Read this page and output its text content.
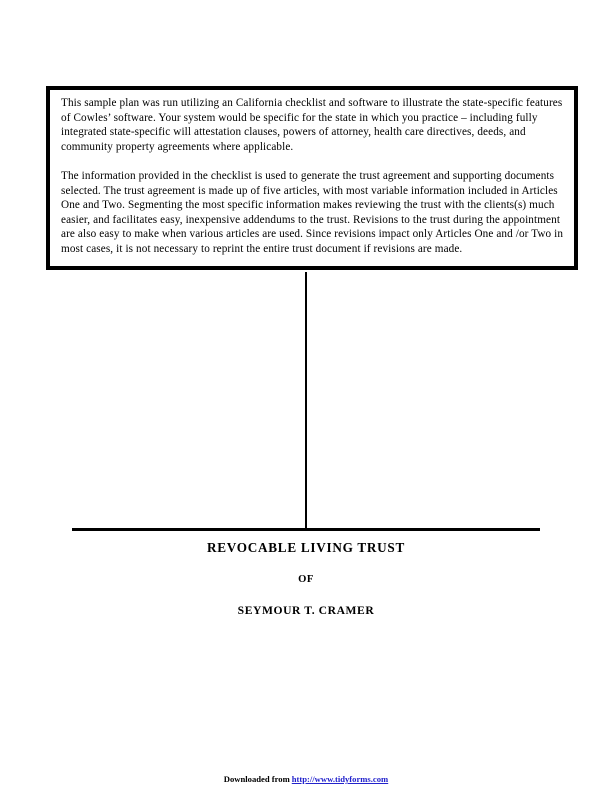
This sample plan was run utilizing an California checklist and software to illustrate the state-specific features of Cowles’ software. Your system would be specific for the state in which you practice – including fully integrated state-specific will attestation clauses, powers of attorney, health care directives, deeds, and community property agreements where applicable.

The information provided in the checklist is used to generate the trust agreement and supporting documents selected. The trust agreement is made up of five articles, with most variable information included in Articles One and Two. Segmenting the most specific information makes reviewing the trust with the clients(s) much easier, and facilitates easy, inexpensive addendums to the trust. Revisions to the trust during the appointment are also easy to make when various articles are used. Since revisions impact only Articles One and /or Two in most cases, it is not necessary to reprint the entire trust document if revisions are made.

REVOCABLE LIVING TRUST

OF

SEYMOUR T. CRAMER

Downloaded from http://www.tidyforms.com
